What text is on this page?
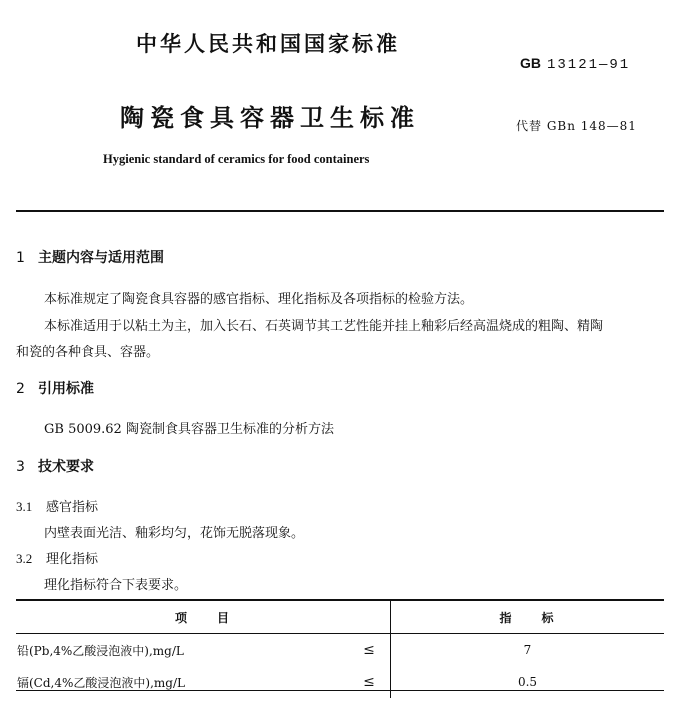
中华人民共和国国家标准
GB 13121—91
陶瓷食具容器卫生标准	代替 GBn 148—81
Hygienic standard of ceramics for food containers
1 主题内容与适用范围
本标准规定了陶瓷食具容器的感官指标、理化指标及各项指标的检验方法。
本标准适用于以粘土为主，加入长石、石英调节其工艺性能并挂上釉彩后经高温烧成的粗陶、精陶
和瓷的各种食具、容器。
2 引用标准
GB 5009.62 陶瓷制食具容器卫生标准的分析方法
3 技术要求
3.1 感官指标
内壁表面光洁、釉彩均匀，花饰无脱落现象。
3.2 理化指标
理化指标符合下表要求。
项　　目		指　　标
铅(Pb,4%乙酸浸泡液中),mg/L	≤	7
镉(Cd,4%乙酸浸泡液中),mg/L	≤	0.5
